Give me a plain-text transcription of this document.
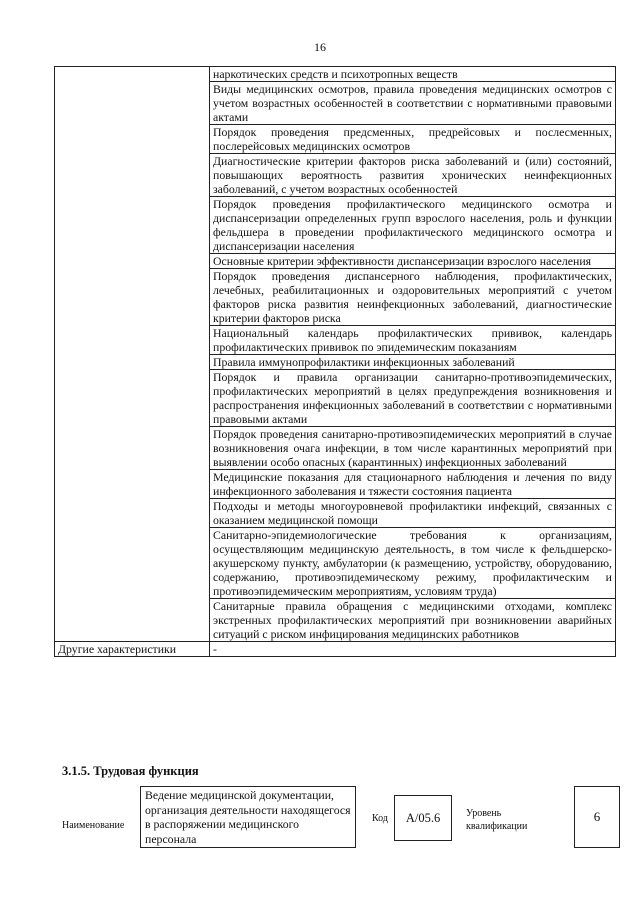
16
	наркотических средств и психотропных веществ
	Виды медицинских осмотров, правила проведения медицинских осмотров с учетом возрастных особенностей в соответствии с нормативными правовыми актами
	Порядок проведения предсменных, предрейсовых и послесменных, послерейсовых медицинских осмотров
	Диагностические критерии факторов риска заболеваний и (или) состояний, повышающих вероятность развития хронических неинфекционных заболеваний, с учетом возрастных особенностей
	Порядок проведения профилактического медицинского осмотра и диспансеризации определенных групп взрослого населения, роль и функции фельдшера в проведении профилактического медицинского осмотра и диспансеризации населения
	Основные критерии эффективности диспансеризации взрослого населения
	Порядок проведения диспансерного наблюдения, профилактических, лечебных, реабилитационных и оздоровительных мероприятий с учетом факторов риска развития неинфекционных заболеваний, диагностические критерии факторов риска
	Национальный календарь профилактических прививок, календарь профилактических прививок по эпидемическим показаниям
	Правила иммунопрофилактики инфекционных заболеваний
	Порядок и правила организации санитарно-противоэпидемических, профилактических мероприятий в целях предупреждения возникновения и распространения инфекционных заболеваний в соответствии с нормативными правовыми актами
	Порядок проведения санитарно-противоэпидемических мероприятий в случае возникновения очага инфекции, в том числе карантинных мероприятий при выявлении особо опасных (карантинных) инфекционных заболеваний
	Медицинские показания для стационарного наблюдения и лечения по виду инфекционного заболевания и тяжести состояния пациента
	Подходы и методы многоуровневой профилактики инфекций, связанных с оказанием медицинской помощи
	Санитарно-эпидемиологические требования к организациям, осуществляющим медицинскую деятельность, в том числе к фельдшерско-акушерскому пункту, амбулатории (к размещению, устройству, оборудованию, содержанию, противоэпидемическому режиму, профилактическим и противоэпидемическим мероприятиям, условиям труда)
	Санитарные правила обращения с медицинскими отходами, комплекс экстренных профилактических мероприятий при возникновении аварийных ситуаций с риском инфицирования медицинских работников
Другие характеристики	-
3.1.5. Трудовая функция
Наименование
Ведение медицинской документации, организация деятельности находящегося в распоряжении медицинского персонала
Код	A/05.6	Уровень
квалификации
6
